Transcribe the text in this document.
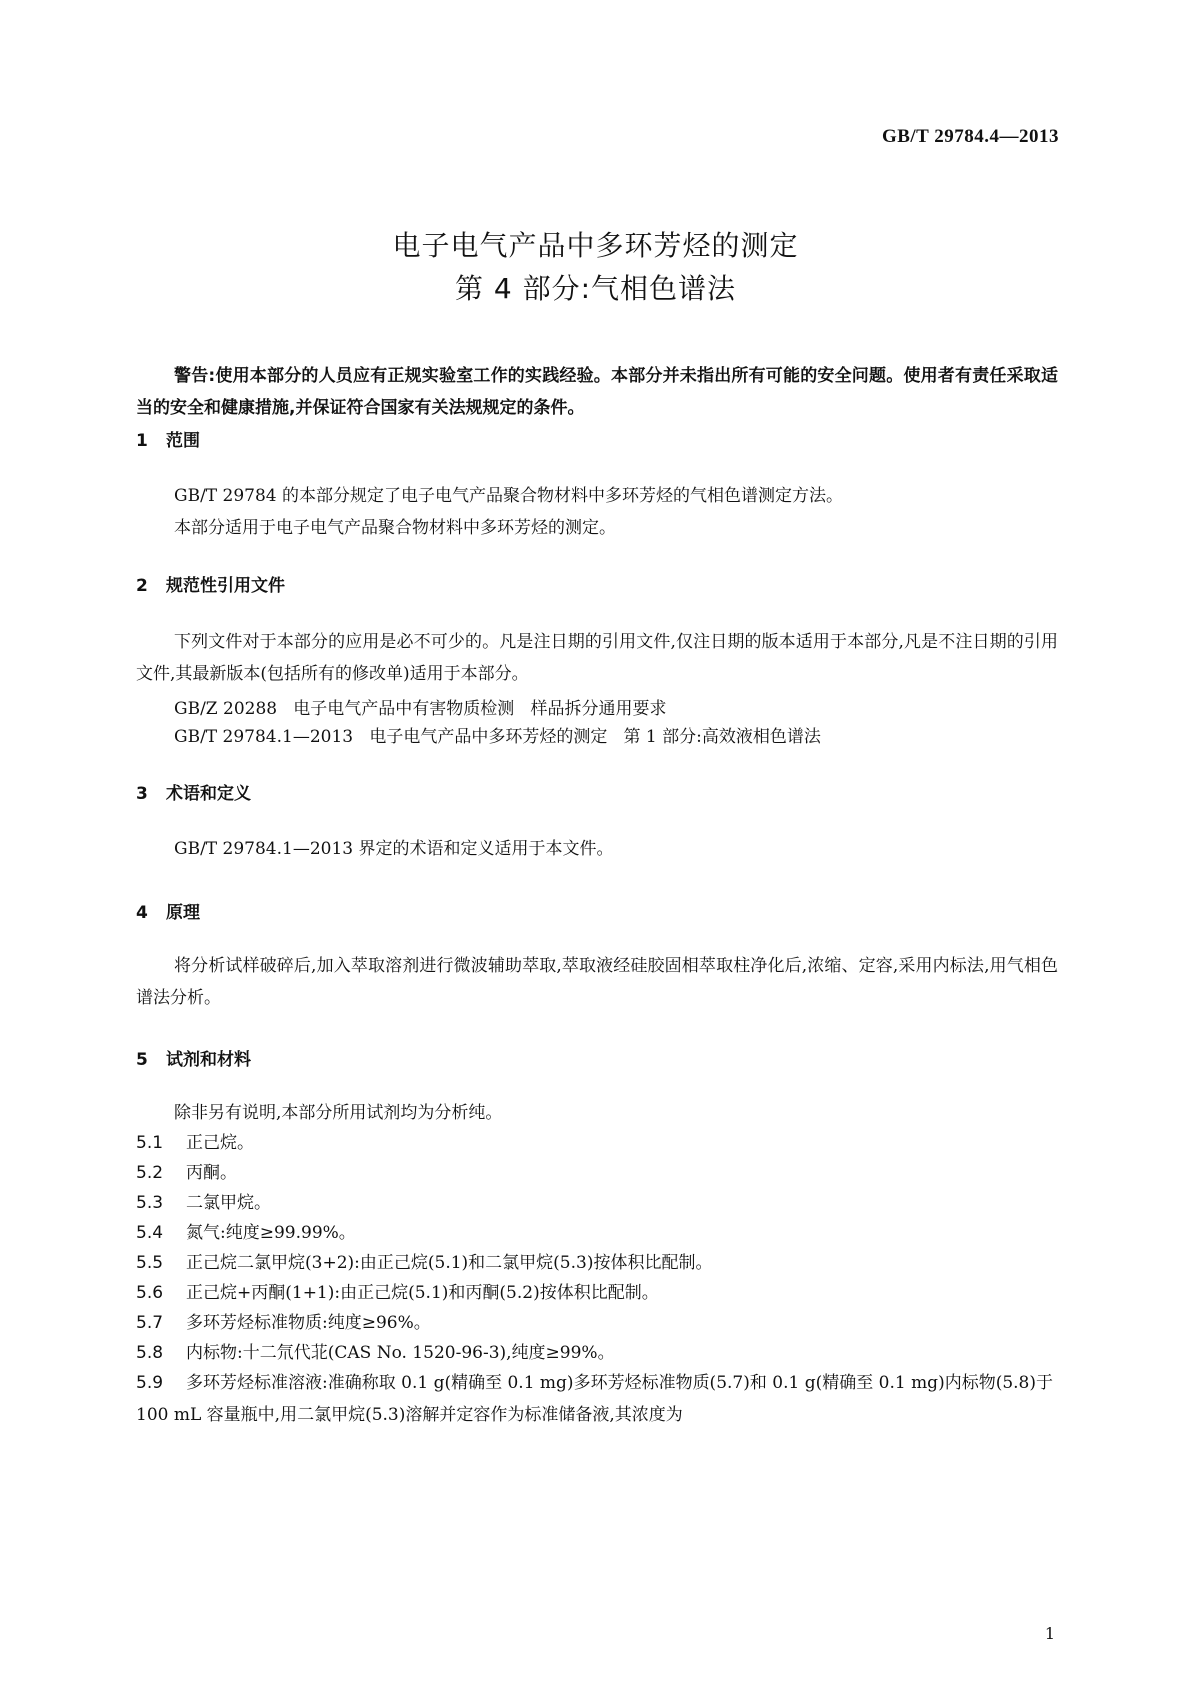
GB/T 29784.4—2013
电子电气产品中多环芳烃的测定
第 4 部分:气相色谱法
警告:使用本部分的人员应有正规实验室工作的实践经验。本部分并未指出所有可能的安全问题。使用者有责任采取适当的安全和健康措施,并保证符合国家有关法规规定的条件。
1 范围
GB/T 29784 的本部分规定了电子电气产品聚合物材料中多环芳烃的气相色谱测定方法。
本部分适用于电子电气产品聚合物材料中多环芳烃的测定。
2 规范性引用文件
下列文件对于本部分的应用是必不可少的。凡是注日期的引用文件,仅注日期的版本适用于本部分,凡是不注日期的引用文件,其最新版本(包括所有的修改单)适用于本部分。
GB/Z 20288   电子电气产品中有害物质检测   样品拆分通用要求
GB/T 29784.1—2013   电子电气产品中多环芳烃的测定   第 1 部分:高效液相色谱法
3 术语和定义
GB/T 29784.1—2013 界定的术语和定义适用于本文件。
4 原理
将分析试样破碎后,加入萃取溶剂进行微波辅助萃取,萃取液经硅胶固相萃取柱净化后,浓缩、定容,采用内标法,用气相色谱法分析。
5 试剂和材料
除非另有说明,本部分所用试剂均为分析纯。
5.1 正己烷。
5.2 丙酮。
5.3 二氯甲烷。
5.4 氮气:纯度≥99.99%。
5.5 正己烷二氯甲烷(3+2):由正己烷(5.1)和二氯甲烷(5.3)按体积比配制。
5.6 正己烷+丙酮(1+1):由正己烷(5.1)和丙酮(5.2)按体积比配制。
5.7 多环芳烃标准物质:纯度≥96%。
5.8 内标物:十二氘代苝(CAS No. 1520-96-3),纯度≥99%。
5.9 多环芳烃标准溶液:准确称取 0.1 g(精确至 0.1 mg)多环芳烃标准物质(5.7)和 0.1 g(精确至 0.1 mg)内标物(5.8)于 100 mL 容量瓶中,用二氯甲烷(5.3)溶解并定容作为标准储备液,其浓度为
1
